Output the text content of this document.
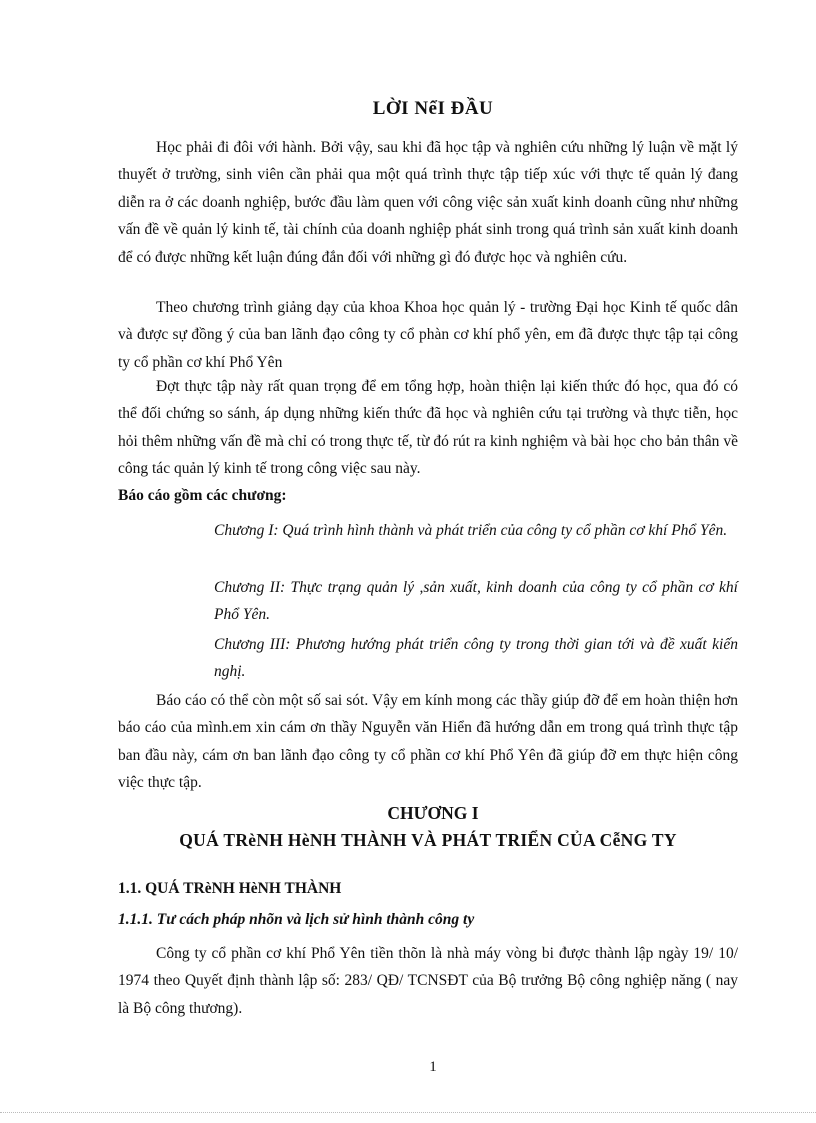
LỜI NểI ĐẦU

Học phải đi đôi với hành. Bởi vậy, sau khi đã học tập và nghiên cứu những lý luận về mặt lý thuyết ở trường, sinh viên cần phải qua một quá trình thực tập tiếp xúc với thực tế quản lý đang diễn ra ở các doanh nghiệp, bước đầu làm quen với công việc sản xuất kinh doanh cũng như những vấn đề về quản lý kinh tế, tài chính của doanh nghiệp phát sinh trong quá trình sản xuất kinh doanh để có được những kết luận đúng đắn đối với những gì đó được học và nghiên cứu.

Theo chương trình giảng dạy của khoa Khoa học quản lý - trường Đại học Kinh tế quốc dân và được sự đồng ý của ban lãnh đạo công ty cổ phàn cơ khí phổ yên, em đã được thực tập tại công ty cổ phần cơ khí Phổ Yên

Đợt thực tập này rất quan trọng để em tổng hợp, hoàn thiện lại kiến thức đó học, qua đó có thể đối chứng so sánh, áp dụng những kiến thức đã học và nghiên cứu tại trường và thực tiễn, học hỏi thêm những vấn đề mà chỉ có trong thực tế, từ đó rút ra kinh nghiệm và bài học cho bản thân về công tác quản lý kinh tế trong công việc sau này.

Báo cáo gồm các chương:

Chương I: Quá trình hình thành và phát triển của công ty cổ phần cơ khí Phổ Yên.

Chương II: Thực trạng quản lý ,sản xuất, kinh doanh của công ty cổ phần cơ khí Phổ Yên.

Chương III: Phương hướng phát triển công ty trong thời gian tới và đề xuất kiến nghị.

Báo cáo có thể còn một số sai sót. Vậy em kính mong các thầy giúp đỡ để em hoàn thiện hơn báo cáo của mình.em xin cám ơn thầy Nguyễn văn Hiển đã hướng dẫn em trong quá trình thực tập ban đầu này, cám ơn ban lãnh đạo công ty cổ phần cơ khí Phổ Yên đã giúp đỡ em thực hiện công việc thực tập.

CHƯƠNG I
QUÁ TRèNH HèNH THÀNH VÀ PHÁT TRIỂN CỦA CễNG TY
1.1. QUÁ TRèNH HèNH THÀNH
1.1.1. Tư cách pháp nhõn và lịch sử hình thành công ty

Công ty cổ phần cơ khí Phổ Yên tiền thõn là nhà máy vòng bi được thành lập ngày 19/ 10/ 1974 theo Quyết định thành lập số: 283/ QĐ/ TCNSĐT của Bộ trưởng Bộ công nghiệp năng ( nay là Bộ công thương).

1
